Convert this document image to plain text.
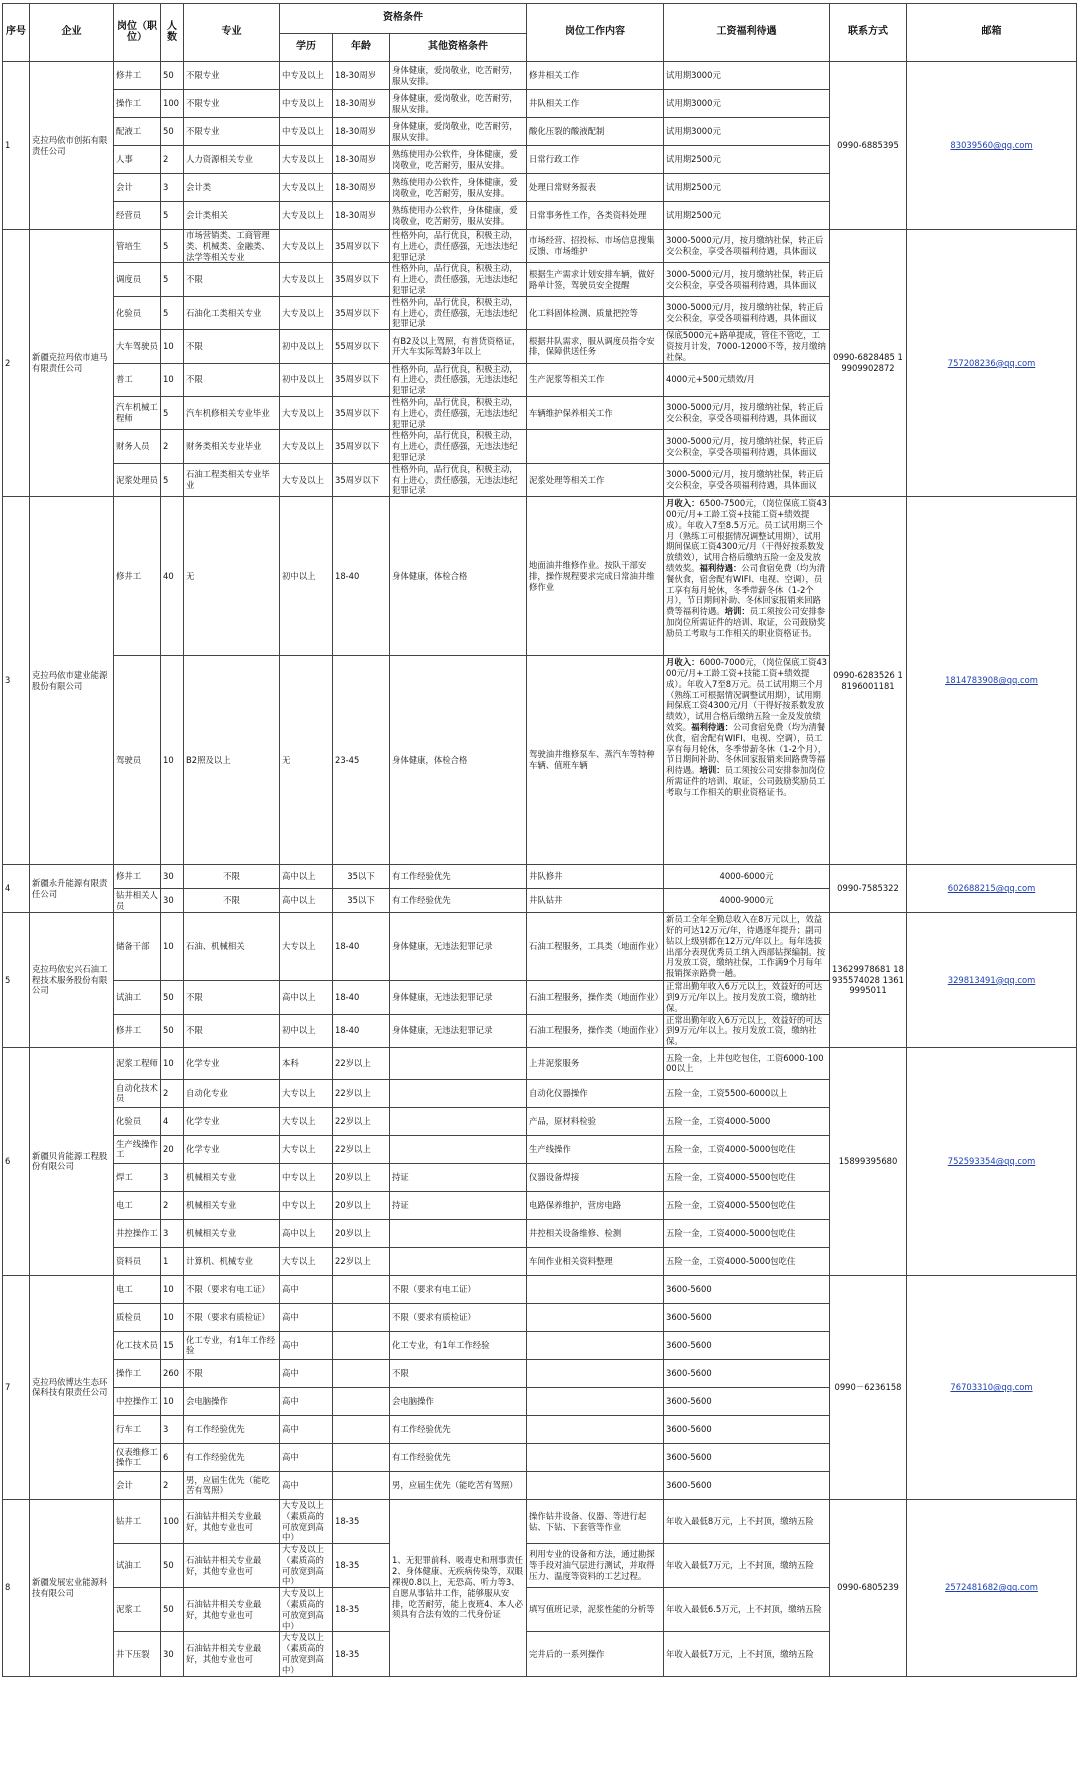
序号	企业	岗位（职位）	人数	专业	资格条件			岗位工作内容	工资福利待遇	联系方式	邮箱
					学历	年龄	其他资格条件				
1	克拉玛依市创拓有限责任公司	修井工	50	不限专业	中专及以上	18-30周岁	身体健康，爱岗敬业，吃苦耐劳，服从安排。	修井相关工作	试用期3000元	0990-6885395	83039560@qq.com
		操作工	100	不限专业	中专及以上	18-30周岁	身体健康，爱岗敬业，吃苦耐劳，服从安排。	井队相关工作	试用期3000元		
		配液工	50	不限专业	中专及以上	18-30周岁	身体健康，爱岗敬业，吃苦耐劳，服从安排。	酸化压裂的酸液配制	试用期3000元		
		人事	2	人力资源相关专业	大专及以上	18-30周岁	熟练使用办公软件，身体健康，爱岗敬业，吃苦耐劳，服从安排。	日常行政工作	试用期2500元		
		会计	3	会计类	大专及以上	18-30周岁	熟练使用办公软件，身体健康，爱岗敬业，吃苦耐劳，服从安排。	处理日常财务报表	试用期2500元		
		经营员	5	会计类相关	大专及以上	18-30周岁	熟练使用办公软件，身体健康，爱岗敬业，吃苦耐劳，服从安排。	日常事务性工作，各类资料处理	试用期2500元		
2	新疆克拉玛依市迪马有限责任公司	管培生	5	市场营销类、工商管理类、机械类、金融类、法学等相关专业	大专及以上	35周岁以下	性格外向，品行优良，积极主动，有上进心，责任感强，无违法违纪犯罪记录	市场经营、招投标、市场信息搜集反馈、市场维护	3000-5000元/月，按月缴纳社保，转正后交公积金，享受各项福利待遇，具体面议	0990-6828485 19909902872	757208236@qq.com
		调度员	5	不限	大专及以上	35周岁以下	性格外向，品行优良，积极主动，有上进心，责任感强，无违法违纪犯罪记录	根据生产需求计划安排车辆，做好路单计签，驾驶员安全提醒	3000-5000元/月，按月缴纳社保，转正后交公积金，享受各项福利待遇，具体面议		
		化验员	5	石油化工类相关专业	大专及以上	35周岁以下	性格外向，品行优良，积极主动，有上进心，责任感强，无违法违纪犯罪记录	化工料固体检测、质量把控等	3000-5000元/月，按月缴纳社保，转正后交公积金，享受各项福利待遇，具体面议		
		大车驾驶员	10	不限	初中及以上	55周岁以下	有B2及以上驾照，有普货资格证，开大车实际驾龄3年以上	根据井队需求，服从调度员指令安排，保障供送任务	保底5000元+路单提成，管住不管吃，工资按月计发，7000-12000不等，按月缴纳社保。		
		普工	10	不限	初中及以上	35周岁以下	性格外向，品行优良，积极主动，有上进心，责任感强，无违法违纪犯罪记录	生产泥浆等相关工作	4000元+500元绩效/月		
		汽车机械工程师	5	汽车机修相关专业毕业	大专及以上	35周岁以下	性格外向，品行优良，积极主动，有上进心，责任感强，无违法违纪犯罪记录	车辆维护保养相关工作	3000-5000元/月，按月缴纳社保，转正后交公积金，享受各项福利待遇，具体面议		
		财务人员	2	财务类相关专业毕业	大专及以上	35周岁以下	性格外向，品行优良，积极主动，有上进心，责任感强，无违法违纪犯罪记录		3000-5000元/月，按月缴纳社保，转正后交公积金，享受各项福利待遇，具体面议		
		泥浆处理员	5	石油工程类相关专业毕业	大专及以上	35周岁以下	性格外向，品行优良，积极主动，有上进心，责任感强，无违法违纪犯罪记录	泥浆处理等相关工作	3000-5000元/月，按月缴纳社保，转正后交公积金，享受各项福利待遇，具体面议		
3	克拉玛依市建业能源股份有限公司	修井工	40	无	初中以上	18-40	身体健康，体检合格	地面油井维修作业。按队干部安排，操作规程要求完成日常油井维修作业	月收入：6500-7500元，（岗位保底工资4300元/月+工龄工资+技能工资+绩效提成）。年收入7至8.5万元。员工试用期三个月（熟练工可根据情况调整试用期），试用期间保底工资4300元/月（干得好按系数发放绩效），试用合格后缴纳五险一金及发放绩效奖。福利待遇：公司食宿免费（均为清餐伙食，宿舍配有WIFI、电视、空调），员工享有每月轮休，冬季带薪冬休（1-2个月），节日期间补助、冬休回家报销来回路费等福利待遇。培训：员工须按公司安排参加岗位所需证件的培训、取证，公司鼓励奖励员工考取与工作相关的职业资格证书。	0990-6283526 18196001181	1814783908@qq.com
		驾驶员	10	B2照及以上	无	23-45	身体健康，体检合格	驾驶油井维修泵车、蒸汽车等特种车辆、值班车辆	月收入：6000-7000元，（岗位保底工资4300元/月+工龄工资+技能工资+绩效提成）。年收入7至8万元。员工试用期三个月（熟练工可根据情况调整试用期），试用期间保底工资4300元/月（干得好按系数发放绩效），试用合格后缴纳五险一金及发放绩效奖。福利待遇：公司食宿免费（均为清餐伙食，宿舍配有WIFI、电视、空调），员工享有每月轮休，冬季带薪冬休（1-2个月），节日期间补助、冬休回家报销来回路费等福利待遇。培训：员工须按公司安排参加岗位所需证件的培训、取证，公司鼓励奖励员工考取与工作相关的职业资格证书。		
4	新疆永升能源有限责任公司	修井工	30	不限	高中以上	35以下	有工作经验优先	井队修井	4000-6000元	0990-7585322	602688215@qq.com
		钻井相关人员	30	不限	高中以上	35以下	有工作经验优先	井队钻井	4000-9000元		
5	克拉玛依宏兴石油工程技术服务股份有限公司	储备干部	10	石油、机械相关	大专以上	18-40	身体健康，无违法犯罪记录	石油工程服务，工具类（地面作业）	新员工全年全勤总收入在8万元以上，效益好的可达12万元/年，待遇逐年提升；副司钻以上级别都在12万元/年以上。每年选拔出部分表现优秀员工纳入西部钻探编制。按月发放工资，缴纳社保，工作满9个月每年报销探亲路费一趟。	13629978681 18935574028 13619995011	329813491@qq.com
		试油工	50	不限	高中以上	18-40	身体健康，无违法犯罪记录	石油工程服务，操作类（地面作业）	正常出勤年收入6万元以上，效益好的可达到9万元/年以上。按月发放工资，缴纳社保。		
		修井工	50	不限	初中以上	18-40	身体健康，无违法犯罪记录	石油工程服务，操作类（地面作业）	正常出勤年收入6万元以上，效益好的可达到9万元/年以上。按月发放工资，缴纳社保。		
6	新疆贝肯能源工程股份有限公司	泥浆工程师	10	化学专业	本科	22岁以上		上井泥浆服务	五险一金，上井包吃包住，工资6000-10000以上	15899395680	752593354@qq.com
		自动化技术员	2	自动化专业	大专以上	22岁以上		自动化仪器操作	五险一金，工资5500-6000以上		
		化验员	4	化学专业	大专以上	22岁以上		产品，原材料检验	五险一金，工资4000-5000		
		生产线操作工	20	化学专业	大专以上	22岁以上		生产线操作	五险一金，工资4000-5000包吃住		
		焊工	3	机械相关专业	中专以上	20岁以上	持证	仪器设备焊接	五险一金，工资4000-5500包吃住		
		电工	2	机械相关专业	中专以上	20岁以上	持证	电路保养维护，营房电路	五险一金，工资4000-5500包吃住		
		井控操作工	3	机械相关专业	高中以上	20岁以上		井控相关设备维修、检测	五险一金，工资4000-5000包吃住		
		资料员	1	计算机、机械专业	大专以上	22岁以上		车间作业相关资料整理	五险一金，工资4000-5000包吃住		
7	克拉玛依博达生态环保科技有限责任公司	电工	10	不限（要求有电工证）	高中		不限（要求有电工证）		3600-5600	0990－6236158	76703310@qq.com
		质检员	10	不限（要求有质检证）	高中		不限（要求有质检证）		3600-5600		
		化工技术员	15	化工专业，有1年工作经验	高中		化工专业，有1年工作经验		3600-5600		
		操作工	260	不限	高中		不限		3600-5600		
		中控操作工	10	会电脑操作	高中		会电脑操作		3600-5600		
		行车工	3	有工作经验优先	高中		有工作经验优先		3600-5600		
		仪表维修工操作工	6	有工作经验优先	高中		有工作经验优先		3600-5600		
		会计	2	男，应届生优先（能吃苦有驾照）	高中		男，应届生优先（能吃苦有驾照）		3600-5600		
8	新疆发展宏业能源科技有限公司	钻井工	100	石油钻井相关专业最好，其他专业也可	大专及以上（素质高的可放宽到高中）	18-35	1、无犯罪前科、吸毒史和刑事责任2、身体健康、无疾病传染等，双眼裸视0.8以上，无恐高、听力等3、自愿从事钻井工作，能够服从安排，吃苦耐劳，能上夜班4、本人必须具有合法有效的二代身份证	操作钻井设备、仪器、等进行起钻、下钻、下套管等作业	年收入最低8万元，上不封顶，缴纳五险	0990-6805239	2572481682@qq.com
		试油工	50	石油钻井相关专业最好，其他专业也可	大专及以上（素质高的可放宽到高中）	18-35		利用专业的设备和方法，通过勘探等手段对油气层进行测试，并取得压力、温度等资料的工艺过程。	年收入最低7万元，上不封顶，缴纳五险		
		泥浆工	50	石油钻井相关专业最好，其他专业也可	大专及以上（素质高的可放宽到高中）	18-35		填写值班记录，泥浆性能的分析等	年收入最低6.5万元，上不封顶，缴纳五险		
		井下压裂	30	石油钻井相关专业最好，其他专业也可	大专及以上（素质高的可放宽到高中）	18-35		完井后的一系列操作	年收入最低7万元，上不封顶，缴纳五险		
